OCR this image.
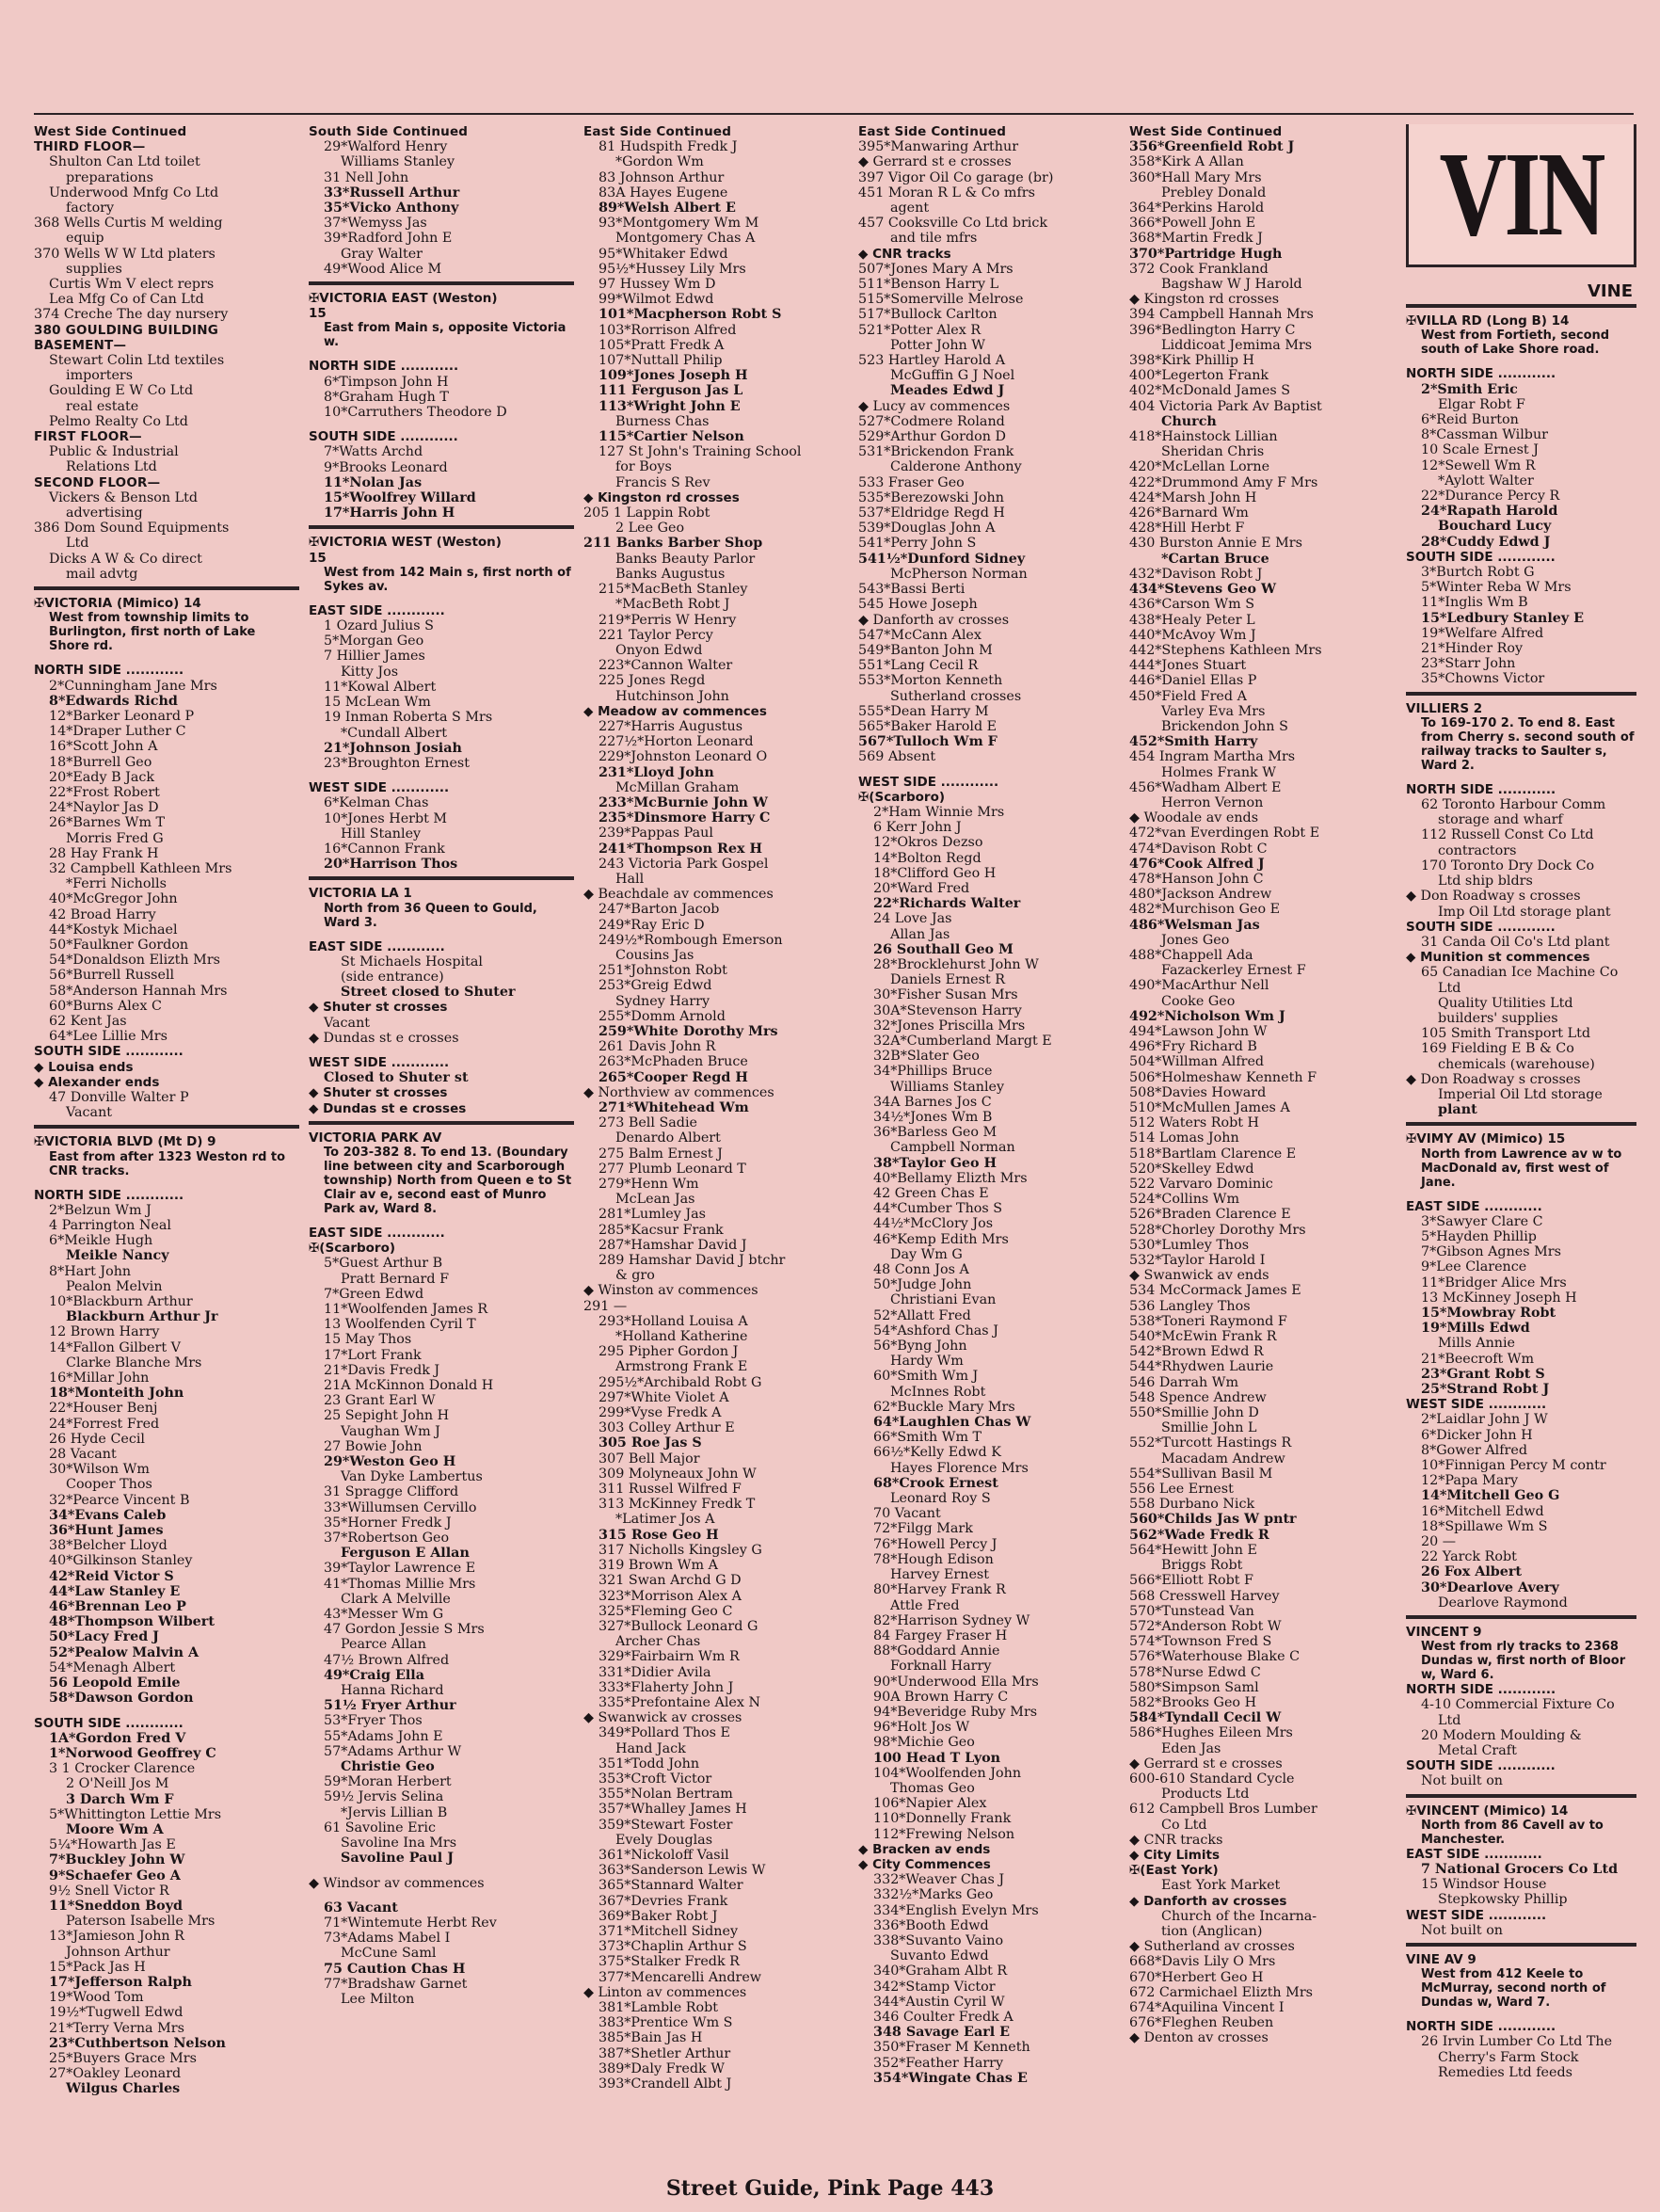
West Side Continued
THIRD FLOOR—
Shulton Can Ltd toilet
preparations
Underwood Mnfg Co Ltd
factory
368 Wells Curtis M welding
equip
370 Wells W W Ltd platers
supplies
Curtis Wm V elect reprs
Lea Mfg Co of Can Ltd
374 Creche The day nursery
380 GOULDING BUILDING
BASEMENT—
Stewart Colin Ltd textiles
importers
Goulding E W Co Ltd
real estate
Pelmo Realty Co Ltd
FIRST FLOOR—
Public & Industrial
Relations Ltd
SECOND FLOOR—
Vickers & Benson Ltd
advertising
386 Dom Sound Equipments
Ltd
Dicks A W & Co direct
mail advtg
✠VICTORIA (Mimico) 14
West from township limits to Burlington, first north of Lake Shore rd.
NORTH SIDE ............
2*Cunningham Jane Mrs
8*Edwards Richd
12*Barker Leonard P
14*Draper Luther C
16*Scott John A
18*Burrell Geo
20*Eady B Jack
22*Frost Robert
24*Naylor Jas D
26*Barnes Wm T
Morris Fred G
28 Hay Frank H
32 Campbell Kathleen Mrs
*Ferri Nicholls
40*McGregor John
42 Broad Harry
44*Kostyk Michael
50*Faulkner Gordon
54*Donaldson Elizth Mrs
56*Burrell Russell
58*Anderson Hannah Mrs
60*Burns Alex C
62 Kent Jas
64*Lee Lillie Mrs
SOUTH SIDE ............
◆ Louisa ends
◆ Alexander ends
47 Donville Walter P
Vacant
✠VICTORIA BLVD (Mt D) 9
East from after 1323 Weston rd to CNR tracks.
NORTH SIDE ............
2*Belzun Wm J
4 Parrington Neal
6*Meikle Hugh
Meikle Nancy
8*Hart John
Pealon Melvin
10*Blackburn Arthur
Blackburn Arthur Jr
12 Brown Harry
14*Fallon Gilbert V
Clarke Blanche Mrs
16*Millar John
18*Monteith John
22*Houser Benj
24*Forrest Fred
26 Hyde Cecil
28 Vacant
30*Wilson Wm
Cooper Thos
32*Pearce Vincent B
34*Evans Caleb
36*Hunt James
38*Belcher Lloyd
40*Gilkinson Stanley
42*Reid Victor S
44*Law Stanley E
46*Brennan Leo P
48*Thompson Wilbert
50*Lacy Fred J
52*Pealow Malvin A
54*Menagh Albert
56 Leopold Emile
58*Dawson Gordon
SOUTH SIDE ............
1A*Gordon Fred V
1*Norwood Geoffrey C
3 1 Crocker Clarence
2 O'Neill Jos M
3 Darch Wm F
5*Whittington Lettie Mrs
Moore Wm A
5¼*Howarth Jas E
7*Buckley John W
9*Schaefer Geo A
9½ Snell Victor R
11*Sneddon Boyd
Paterson Isabelle Mrs
13*Jamieson John R
Johnson Arthur
15*Pack Jas H
17*Jefferson Ralph
19*Wood Tom
19½*Tugwell Edwd
21*Terry Verna Mrs
23*Cuthbertson Nelson
25*Buyers Grace Mrs
27*Oakley Leonard
Wilgus Charles
South Side Continued
29*Walford Henry
Williams Stanley
31 Nell John
33*Russell Arthur
35*Vicko Anthony
37*Wemyss Jas
39*Radford John E
Gray Walter
49*Wood Alice M
✠VICTORIA EAST (Weston)
15
East from Main s, opposite Victoria w.
NORTH SIDE ............
6*Timpson John H
8*Graham Hugh T
10*Carruthers Theodore D
SOUTH SIDE ............
7*Watts Archd
9*Brooks Leonard
11*Nolan Jas
15*Woolfrey Willard
17*Harris John H
✠VICTORIA WEST (Weston)
15
West from 142 Main s, first north of Sykes av.
EAST SIDE ............
1 Ozard Julius S
5*Morgan Geo
7 Hillier James
Kitty Jos
11*Kowal Albert
15 McLean Wm
19 Inman Roberta S Mrs
*Cundall Albert
21*Johnson Josiah
23*Broughton Ernest
WEST SIDE ............
6*Kelman Chas
10*Jones Herbt M
Hill Stanley
16*Cannon Frank
20*Harrison Thos
VICTORIA LA 1
North from 36 Queen to Gould, Ward 3.
EAST SIDE ............
St Michaels Hospital
(side entrance)
Street closed to Shuter
◆ Shuter st crosses
Vacant
◆ Dundas st e crosses
WEST SIDE ............
Closed to Shuter st
◆ Shuter st crosses
◆ Dundas st e crosses
VICTORIA PARK AV
To 203-382 8. To end 13. (Boundary line between city and Scarborough township) North from Queen e to St Clair av e, second east of Munro Park av, Ward 8.
EAST SIDE ............
✠(Scarboro)
5*Guest Arthur B
Pratt Bernard F
7*Green Edwd
11*Woolfenden James R
13 Woolfenden Cyril T
15 May Thos
17*Lort Frank
21*Davis Fredk J
21A McKinnon Donald H
23 Grant Earl W
25 Sepight John H
Vaughan Wm J
27 Bowie John
29*Weston Geo H
Van Dyke Lambertus
31 Spragge Clifford
33*Willumsen Cervillo
35*Horner Fredk J
37*Robertson Geo
Ferguson E Allan
39*Taylor Lawrence E
41*Thomas Millie Mrs
Clark A Melville
43*Messer Wm G
47 Gordon Jessie S Mrs
Pearce Allan
47½ Brown Alfred
49*Craig Ella
Hanna Richard
51½ Fryer Arthur
53*Fryer Thos
55*Adams John E
57*Adams Arthur W
Christie Geo
59*Moran Herbert
59½ Jervis Selina
*Jervis Lillian B
61 Savoline Eric
Savoline Ina Mrs
Savoline Paul J
◆ Windsor av commences
63 Vacant
71*Wintemute Herbt Rev
73*Adams Mabel I
McCune Saml
75 Caution Chas H
77*Bradshaw Garnet
Lee Milton
East Side Continued
81 Hudspith Fredk J
*Gordon Wm
83 Johnson Arthur
83A Hayes Eugene
89*Welsh Albert E
93*Montgomery Wm M
Montgomery Chas A
95*Whitaker Edwd
95½*Hussey Lily Mrs
97 Hussey Wm D
99*Wilmot Edwd
101*Macpherson Robt S
103*Rorrison Alfred
105*Pratt Fredk A
107*Nuttall Philip
109*Jones Joseph H
111 Ferguson Jas L
113*Wright John E
Burness Chas
115*Cartier Nelson
127 St John's Training School
for Boys
Francis S Rev
◆ Kingston rd crosses
205 1 Lappin Robt
2 Lee Geo
211 Banks Barber Shop
Banks Beauty Parlor
Banks Augustus
215*MacBeth Stanley
*MacBeth Robt J
219*Perris W Henry
221 Taylor Percy
Onyon Edwd
223*Cannon Walter
225 Jones Regd
Hutchinson John
◆ Meadow av commences
227*Harris Augustus
227½*Horton Leonard
229*Johnston Leonard O
231*Lloyd John
McMillan Graham
233*McBurnie John W
235*Dinsmore Harry C
239*Pappas Paul
241*Thompson Rex H
243 Victoria Park Gospel
Hall
◆ Beachdale av commences
247*Barton Jacob
249*Ray Eric D
249½*Rombough Emerson
Cousins Jas
251*Johnston Robt
253*Greig Edwd
Sydney Harry
255*Domm Arnold
259*White Dorothy Mrs
261 Davis John R
263*McPhaden Bruce
265*Cooper Regd H
◆ Northview av commences
271*Whitehead Wm
273 Bell Sadie
Denardo Albert
275 Balm Ernest J
277 Plumb Leonard T
279*Henn Wm
McLean Jas
281*Lumley Jas
285*Kacsur Frank
287*Hamshar David J
289 Hamshar David J btchr
& gro
◆ Winston av commences
291 —
293*Holland Louisa A
*Holland Katherine
295 Pipher Gordon J
Armstrong Frank E
295½*Archibald Robt G
297*White Violet A
299*Vyse Fredk A
303 Colley Arthur E
305 Roe Jas S
307 Bell Major
309 Molyneaux John W
311 Russel Wilfred F
313 McKinney Fredk T
*Latimer Jos A
315 Rose Geo H
317 Nicholls Kingsley G
319 Brown Wm A
321 Swan Archd G D
323*Morrison Alex A
325*Fleming Geo C
327*Bullock Leonard G
Archer Chas
329*Fairbairn Wm R
331*Didier Avila
333*Flaherty John J
335*Prefontaine Alex N
◆ Swanwick av crosses
349*Pollard Thos E
Hand Jack
351*Todd John
353*Croft Victor
355*Nolan Bertram
357*Whalley James H
359*Stewart Foster
Evely Douglas
361*Nickoloff Vasil
363*Sanderson Lewis W
365*Stannard Walter
367*Devries Frank
369*Baker Robt J
371*Mitchell Sidney
373*Chaplin Arthur S
375*Stalker Fredk R
377*Mencarelli Andrew
◆ Linton av commences
381*Lamble Robt
383*Prentice Wm S
385*Bain Jas H
387*Shetler Arthur
389*Daly Fredk W
393*Crandell Albt J
East Side Continued
395*Manwaring Arthur
◆ Gerrard st e crosses
397 Vigor Oil Co garage (br)
451 Moran R L & Co mfrs
agent
457 Cooksville Co Ltd brick
and tile mfrs
◆ CNR tracks
507*Jones Mary A Mrs
511*Benson Harry L
515*Somerville Melrose
517*Bullock Carlton
521*Potter Alex R
Potter John W
523 Hartley Harold A
McGuffin G J Noel
Meades Edwd J
◆ Lucy av commences
527*Codmere Roland
529*Arthur Gordon D
531*Brickendon Frank
Calderone Anthony
533 Fraser Geo
535*Berezowski John
537*Eldridge Regd H
539*Douglas John A
541*Perry John S
541½*Dunford Sidney
McPherson Norman
543*Bassi Berti
545 Howe Joseph
◆ Danforth av crosses
547*McCann Alex
549*Banton John M
551*Lang Cecil R
553*Morton Kenneth
Sutherland crosses
555*Dean Harry M
565*Baker Harold E
567*Tulloch Wm F
569 Absent
WEST SIDE ............
✠(Scarboro)
2*Ham Winnie Mrs
6 Kerr John J
12*Okros Dezso
14*Bolton Regd
18*Clifford Geo H
20*Ward Fred
22*Richards Walter
24 Love Jas
Allan Jas
26 Southall Geo M
28*Brocklehurst John W
Daniels Ernest R
30*Fisher Susan Mrs
30A*Stevenson Harry
32*Jones Priscilla Mrs
32A*Cumberland Margt E
32B*Slater Geo
34*Phillips Bruce
Williams Stanley
34A Barnes Jos C
34½*Jones Wm B
36*Barless Geo M
Campbell Norman
38*Taylor Geo H
40*Bellamy Elizth Mrs
42 Green Chas E
44*Cumber Thos S
44½*McClory Jos
46*Kemp Edith Mrs
Day Wm G
48 Conn Jos A
50*Judge John
Christiani Evan
52*Allatt Fred
54*Ashford Chas J
56*Byng John
Hardy Wm
60*Smith Wm J
McInnes Robt
62*Buckle Mary Mrs
64*Laughlen Chas W
66*Smith Wm T
66½*Kelly Edwd K
Hayes Florence Mrs
68*Crook Ernest
Leonard Roy S
70 Vacant
72*Filgg Mark
76*Howell Percy J
78*Hough Edison
Harvey Ernest
80*Harvey Frank R
Attle Fred
82*Harrison Sydney W
84 Fargey Fraser H
88*Goddard Annie
Forknall Harry
90*Underwood Ella Mrs
90A Brown Harry C
94*Beveridge Ruby Mrs
96*Holt Jos W
98*Michie Geo
100 Head T Lyon
104*Woolfenden John
Thomas Geo
106*Napier Alex
110*Donnelly Frank
112*Frewing Nelson
◆ Bracken av ends
◆ City Commences
332*Weaver Chas J
332½*Marks Geo
334*English Evelyn Mrs
336*Booth Edwd
338*Suvanto Vaino
Suvanto Edwd
340*Graham Albt R
342*Stamp Victor
344*Austin Cyril W
346 Coulter Fredk A
348 Savage Earl E
350*Fraser M Kenneth
352*Feather Harry
354*Wingate Chas E
West Side Continued
356*Greenfield Robt J
358*Kirk A Allan
360*Hall Mary Mrs
Prebley Donald
364*Perkins Harold
366*Powell John E
368*Martin Fredk J
370*Partridge Hugh
372 Cook Frankland
Bagshaw W J Harold
◆ Kingston rd crosses
394 Campbell Hannah Mrs
396*Bedlington Harry C
Liddicoat Jemima Mrs
398*Kirk Phillip H
400*Legerton Frank
402*McDonald James S
404 Victoria Park Av Baptist
Church
418*Hainstock Lillian
Sheridan Chris
420*McLellan Lorne
422*Drummond Amy F Mrs
424*Marsh John H
426*Barnard Wm
428*Hill Herbt F
430 Burston Annie E Mrs
*Cartan Bruce
432*Davison Robt J
434*Stevens Geo W
436*Carson Wm S
438*Healy Peter L
440*McAvoy Wm J
442*Stephens Kathleen Mrs
444*Jones Stuart
446*Daniel Ellas P
450*Field Fred A
Varley Eva Mrs
Brickendon John S
452*Smith Harry
454 Ingram Martha Mrs
Holmes Frank W
456*Wadham Albert E
Herron Vernon
◆ Woodale av ends
472*van Everdingen Robt E
474*Davison Robt C
476*Cook Alfred J
478*Hanson John C
480*Jackson Andrew
482*Murchison Geo E
486*Welsman Jas
Jones Geo
488*Chappell Ada
Fazackerley Ernest F
490*MacArthur Nell
Cooke Geo
492*Nicholson Wm J
494*Lawson John W
496*Fry Richard B
504*Willman Alfred
506*Holmeshaw Kenneth F
508*Davies Howard
510*McMullen James A
512 Waters Robt H
514 Lomas John
518*Bartlam Clarence E
520*Skelley Edwd
522 Varvaro Dominic
524*Collins Wm
526*Braden Clarence E
528*Chorley Dorothy Mrs
530*Lumley Thos
532*Taylor Harold I
◆ Swanwick av ends
534 McCormack James E
536 Langley Thos
538*Toneri Raymond F
540*McEwin Frank R
542*Brown Edwd R
544*Rhydwen Laurie
546 Darrah Wm
548 Spence Andrew
550*Smillie John D
Smillie John L
552*Turcott Hastings R
Macadam Andrew
554*Sullivan Basil M
556 Lee Ernest
558 Durbano Nick
560*Childs Jas W pntr
562*Wade Fredk R
564*Hewitt John E
Briggs Robt
566*Elliott Robt F
568 Cresswell Harvey
570*Tunstead Van
572*Anderson Robt W
574*Townson Fred S
576*Waterhouse Blake C
578*Nurse Edwd C
580*Simpson Saml
582*Brooks Geo H
584*Tyndall Cecil W
586*Hughes Eileen Mrs
Eden Jas
◆ Gerrard st e crosses
600-610 Standard Cycle
Products Ltd
612 Campbell Bros Lumber
Co Ltd
◆ CNR tracks
◆ City Limits
✠(East York)
East York Market
◆ Danforth av crosses
Church of the Incarna-
tion (Anglican)
◆ Sutherland av crosses
668*Davis Lily O Mrs
670*Herbert Geo H
672 Carmichael Elizth Mrs
674*Aquilina Vincent I
676*Fleghen Reuben
◆ Denton av crosses
VIN
VINE
✠VILLA RD (Long B) 14
West from Fortieth, second south of Lake Shore road.
NORTH SIDE ............
2*Smith Eric
Elgar Robt F
6*Reid Burton
8*Cassman Wilbur
10 Scale Ernest J
12*Sewell Wm R
*Aylott Walter
22*Durance Percy R
24*Rapath Harold
Bouchard Lucy
28*Cuddy Edwd J
SOUTH SIDE ............
3*Burtch Robt G
5*Winter Reba W Mrs
11*Inglis Wm B
15*Ledbury Stanley E
19*Welfare Alfred
21*Hinder Roy
23*Starr John
35*Chowns Victor
VILLIERS 2
To 169-170 2. To end 8. East from Cherry s. second south of railway tracks to Saulter s, Ward 2.
NORTH SIDE ............
62 Toronto Harbour Comm
storage and wharf
112 Russell Const Co Ltd
contractors
170 Toronto Dry Dock Co
Ltd ship bldrs
◆ Don Roadway s crosses
Imp Oil Ltd storage plant
SOUTH SIDE ............
31 Canda Oil Co's Ltd plant
◆ Munition st commences
65 Canadian Ice Machine Co
Ltd
Quality Utilities Ltd
builders' supplies
105 Smith Transport Ltd
169 Fielding E B & Co
chemicals (warehouse)
◆ Don Roadway s crosses
Imperial Oil Ltd storage
plant
✠VIMY AV (Mimico) 15
North from Lawrence av w to MacDonald av, first west of Jane.
EAST SIDE ............
3*Sawyer Clare C
5*Hayden Phillip
7*Gibson Agnes Mrs
9*Lee Clarence
11*Bridger Alice Mrs
13 McKinney Joseph H
15*Mowbray Robt
19*Mills Edwd
Mills Annie
21*Beecroft Wm
23*Grant Robt S
25*Strand Robt J
WEST SIDE ............
2*Laidlar John J W
6*Dicker John H
8*Gower Alfred
10*Finnigan Percy M contr
12*Papa Mary
14*Mitchell Geo G
16*Mitchell Edwd
18*Spillawe Wm S
20 —
22 Yarck Robt
26 Fox Albert
30*Dearlove Avery
Dearlove Raymond
VINCENT 9
West from rly tracks to 2368 Dundas w, first north of Bloor w, Ward 6.
NORTH SIDE ............
4-10 Commercial Fixture Co
Ltd
20 Modern Moulding &
Metal Craft
SOUTH SIDE ............
Not built on
✠VINCENT (Mimico) 14
North from 86 Cavell av to Manchester.
EAST SIDE ............
7 National Grocers Co Ltd
15 Windsor House
Stepkowsky Phillip
WEST SIDE ............
Not built on
VINE AV 9
West from 412 Keele to McMurray, second north of Dundas w, Ward 7.
NORTH SIDE ............
26 Irvin Lumber Co Ltd The
Cherry's Farm Stock
Remedies Ltd feeds
Street Guide, Pink Page 443
